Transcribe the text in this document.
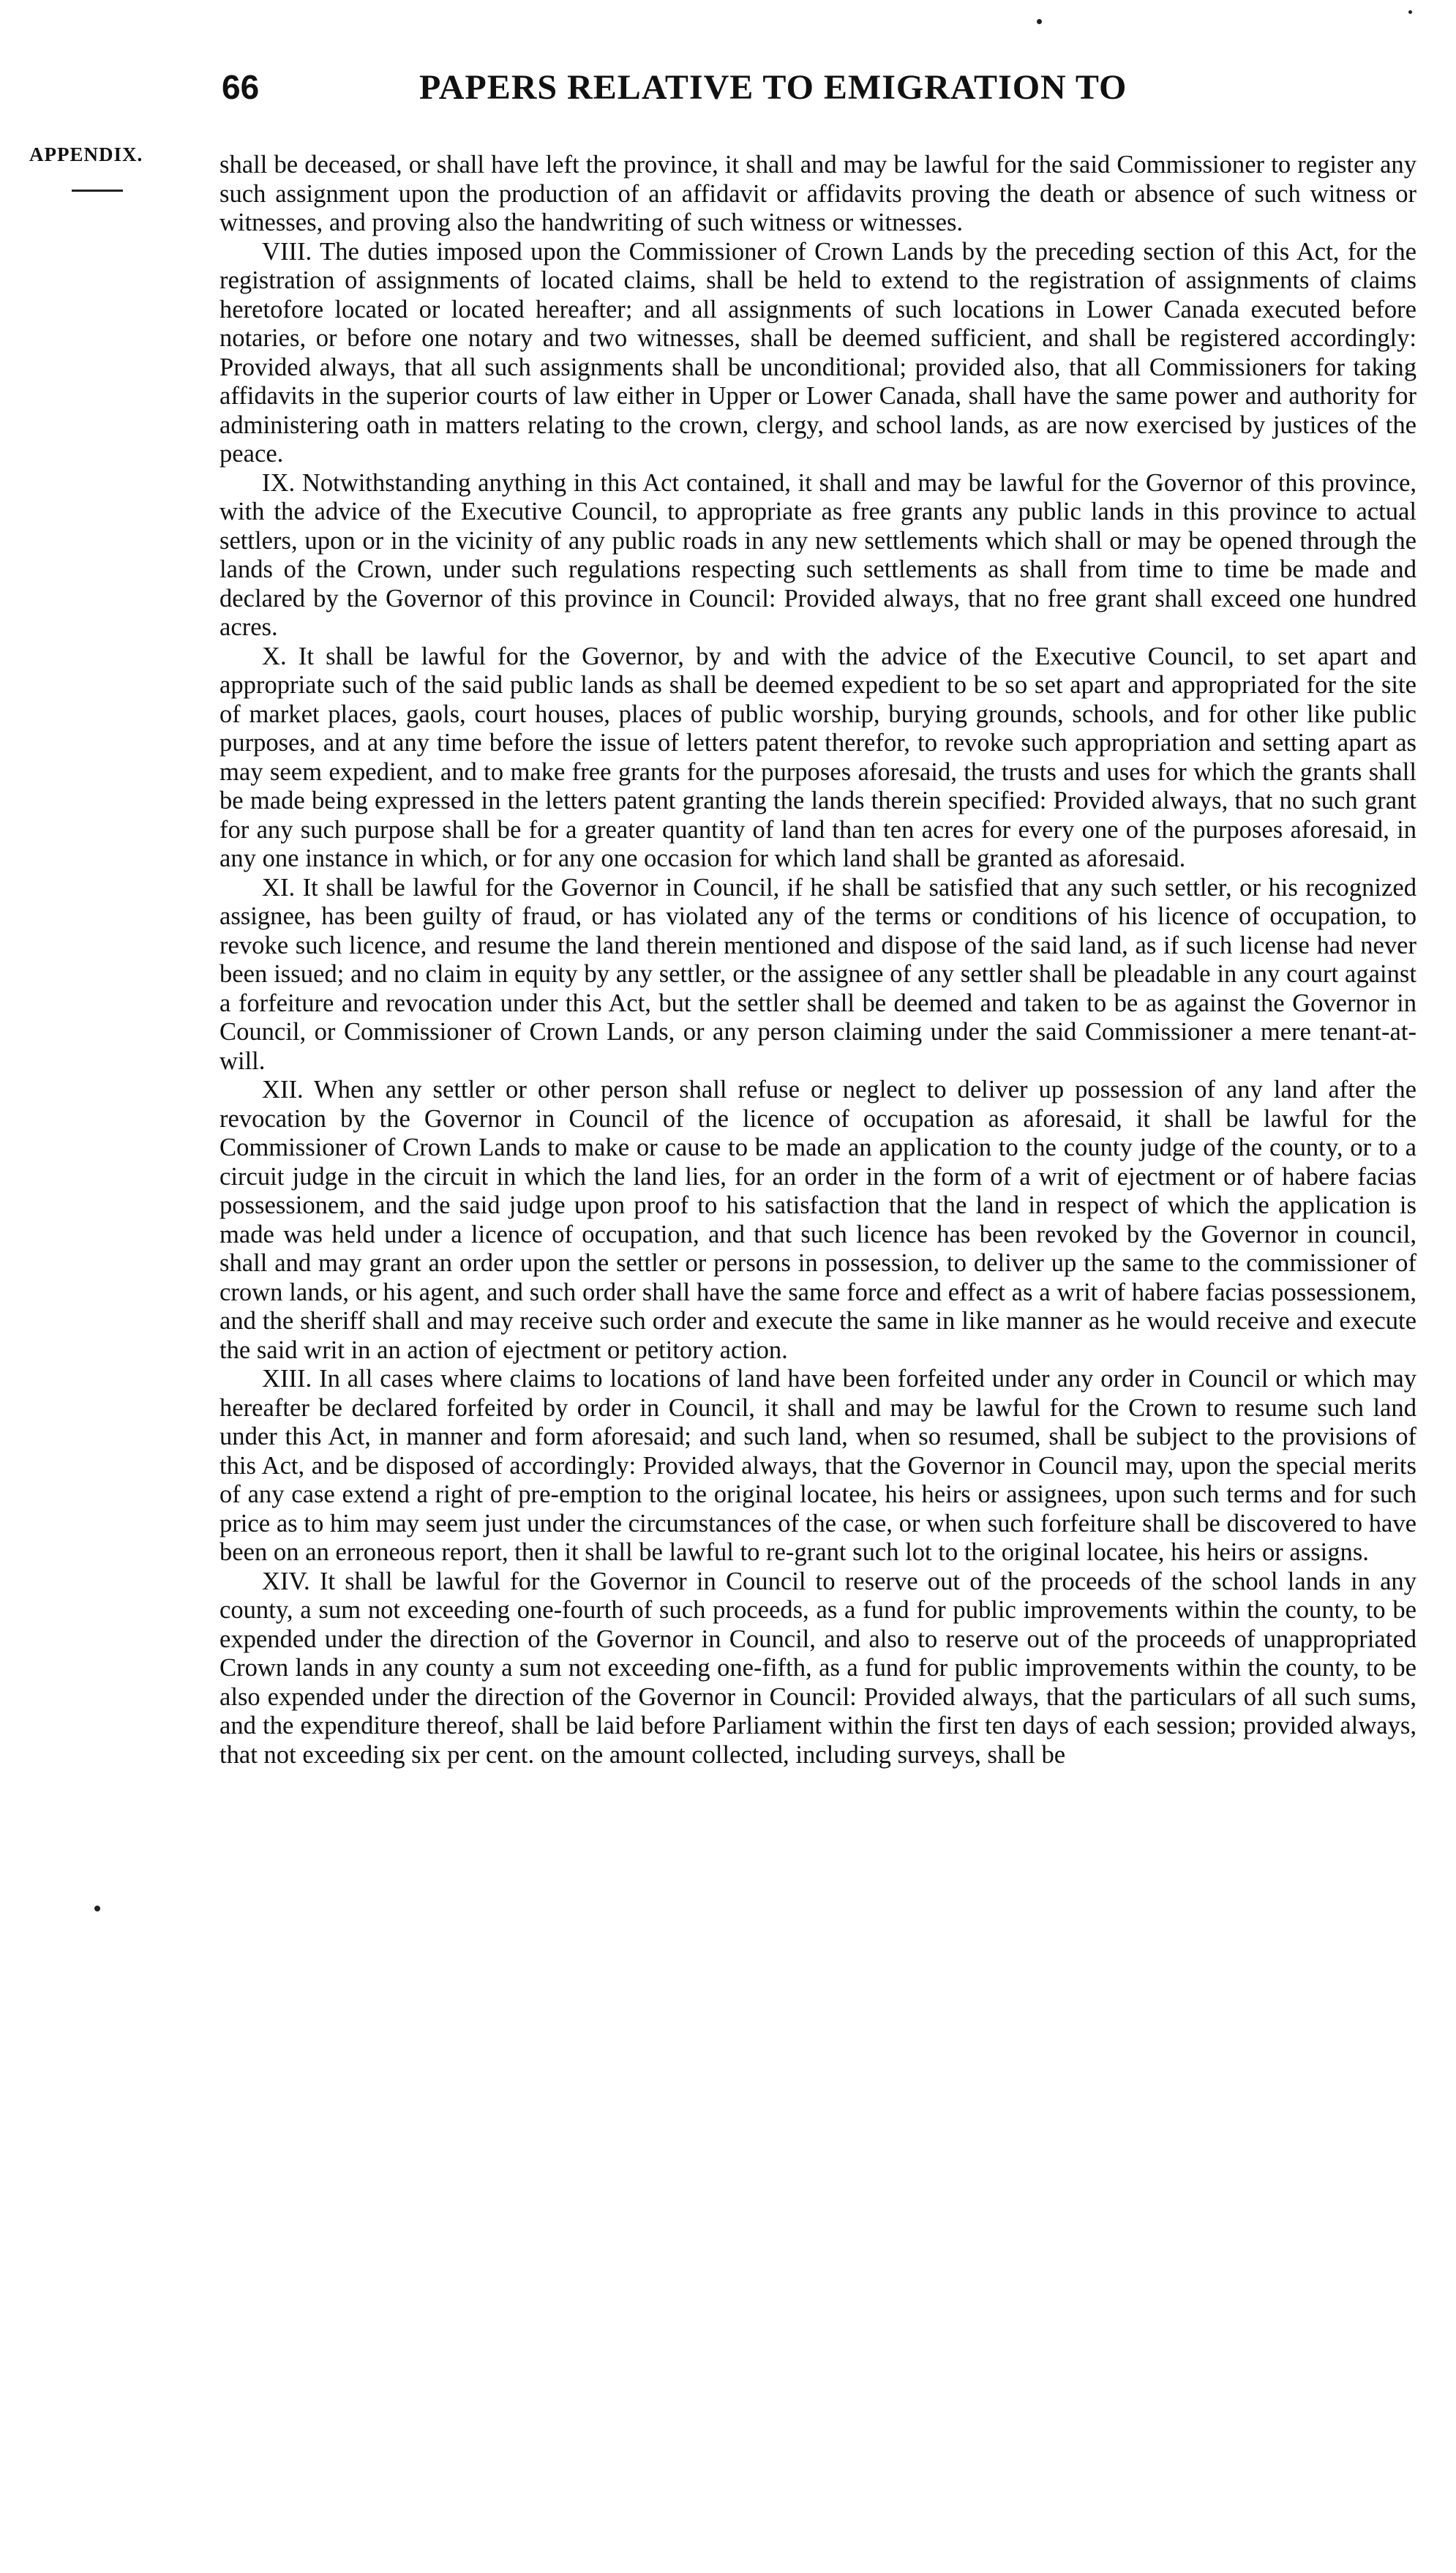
66	PAPERS RELATIVE TO EMIGRATION TO
APPENDIX.	shall be deceased, or shall have left the province, it shall and may be lawful for the said Commissioner to register any such assignment upon the production of an affidavit or affidavits proving the death or absence of such witness or witnesses, and proving also the handwriting of such witness or witnesses.

VIII. The duties imposed upon the Commissioner of Crown Lands by the preceding section of this Act, for the registration of assignments of located claims, shall be held to extend to the registration of assignments of claims heretofore located or located hereafter; and all assignments of such locations in Lower Canada executed before notaries, or before one notary and two witnesses, shall be deemed sufficient, and shall be registered accordingly: Provided always, that all such assignments shall be unconditional; provided also, that all Commissioners for taking affidavits in the superior courts of law either in Upper or Lower Canada, shall have the same power and authority for administering oath in matters relating to the crown, clergy, and school lands, as are now exercised by justices of the peace.

IX. Notwithstanding anything in this Act contained, it shall and may be lawful for the Governor of this province, with the advice of the Executive Council, to appropriate as free grants any public lands in this province to actual settlers, upon or in the vicinity of any public roads in any new settlements which shall or may be opened through the lands of the Crown, under such regulations respecting such settlements as shall from time to time be made and declared by the Governor of this province in Council: Provided always, that no free grant shall exceed one hundred acres.

X. It shall be lawful for the Governor, by and with the advice of the Executive Council, to set apart and appropriate such of the said public lands as shall be deemed expedient to be so set apart and appropriated for the site of market places, gaols, court houses, places of public worship, burying grounds, schools, and for other like public purposes, and at any time before the issue of letters patent therefor, to revoke such appropriation and setting apart as may seem expedient, and to make free grants for the purposes aforesaid, the trusts and uses for which the grants shall be made being expressed in the letters patent granting the lands therein specified: Provided always, that no such grant for any such purpose shall be for a greater quantity of land than ten acres for every one of the purposes aforesaid, in any one instance in which, or for any one occasion for which land shall be granted as aforesaid.

XI. It shall be lawful for the Governor in Council, if he shall be satisfied that any such settler, or his recognized assignee, has been guilty of fraud, or has violated any of the terms or conditions of his licence of occupation, to revoke such licence, and resume the land therein mentioned and dispose of the said land, as if such license had never been issued; and no claim in equity by any settler, or the assignee of any settler shall be pleadable in any court against a forfeiture and revocation under this Act, but the settler shall be deemed and taken to be as against the Governor in Council, or Commissioner of Crown Lands, or any person claiming under the said Commissioner a mere tenant-at-will.

XII. When any settler or other person shall refuse or neglect to deliver up possession of any land after the revocation by the Governor in Council of the licence of occupation as aforesaid, it shall be lawful for the Commissioner of Crown Lands to make or cause to be made an application to the county judge of the county, or to a circuit judge in the circuit in which the land lies, for an order in the form of a writ of ejectment or of habere facias possessionem, and the said judge upon proof to his satisfaction that the land in respect of which the application is made was held under a licence of occupation, and that such licence has been revoked by the Governor in council, shall and may grant an order upon the settler or persons in possession, to deliver up the same to the commissioner of crown lands, or his agent, and such order shall have the same force and effect as a writ of habere facias possessionem, and the sheriff shall and may receive such order and execute the same in like manner as he would receive and execute the said writ in an action of ejectment or petitory action.

XIII. In all cases where claims to locations of land have been forfeited under any order in Council or which may hereafter be declared forfeited by order in Council, it shall and may be lawful for the Crown to resume such land under this Act, in manner and form aforesaid; and such land, when so resumed, shall be subject to the provisions of this Act, and be disposed of accordingly: Provided always, that the Governor in Council may, upon the special merits of any case extend a right of pre-emption to the original locatee, his heirs or assignees, upon such terms and for such price as to him may seem just under the circumstances of the case, or when such forfeiture shall be discovered to have been on an erroneous report, then it shall be lawful to re-grant such lot to the original locatee, his heirs or assigns.

XIV. It shall be lawful for the Governor in Council to reserve out of the proceeds of the school lands in any county, a sum not exceeding one-fourth of such proceeds, as a fund for public improvements within the county, to be expended under the direction of the Governor in Council, and also to reserve out of the proceeds of unappropriated Crown lands in any county a sum not exceeding one-fifth, as a fund for public improvements within the county, to be also expended under the direction of the Governor in Council: Provided always, that the particulars of all such sums, and the expenditure thereof, shall be laid before Parliament within the first ten days of each session; provided always, that not exceeding six per cent. on the amount collected, including surveys, shall be
